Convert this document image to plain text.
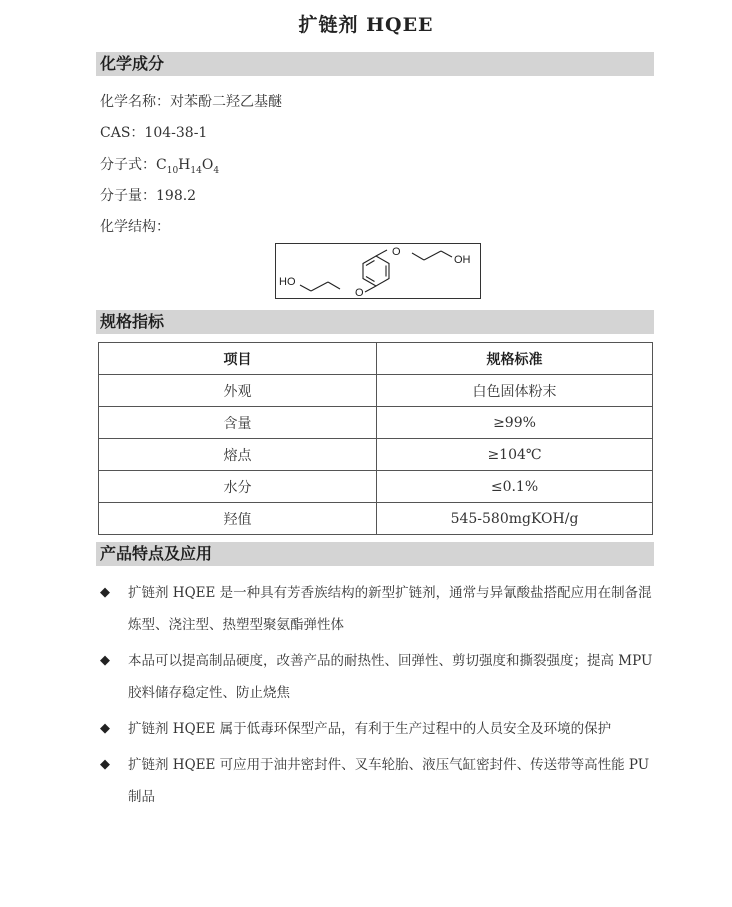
扩链剂 HQEE
化学成分
化学名称：对苯酚二羟乙基醚
CAS：104-38-1
分子式：$C_{10}H_{14}O_4$
分子量：198.2
化学结构：
O
OH
O
HO
规格指标
项目	规格标准
外观	白色固体粉末
含量	≥99%
熔点	≥104℃
水分	≤0.1%
羟值	545-580mgKOH/g
产品特点及应用
◆ 扩链剂 HQEE 是一种具有芳香族结构的新型扩链剂，通常与异氰酸盐搭配应用在制备混炼型、浇注型、热塑型聚氨酯弹性体
◆ 本品可以提高制品硬度，改善产品的耐热性、回弹性、剪切强度和撕裂强度；提高 MPU 胶料储存稳定性、防止烧焦
◆ 扩链剂 HQEE 属于低毒环保型产品，有利于生产过程中的人员安全及环境的保护
◆ 扩链剂 HQEE 可应用于油井密封件、叉车轮胎、液压气缸密封件、传送带等高性能 PU 制品
